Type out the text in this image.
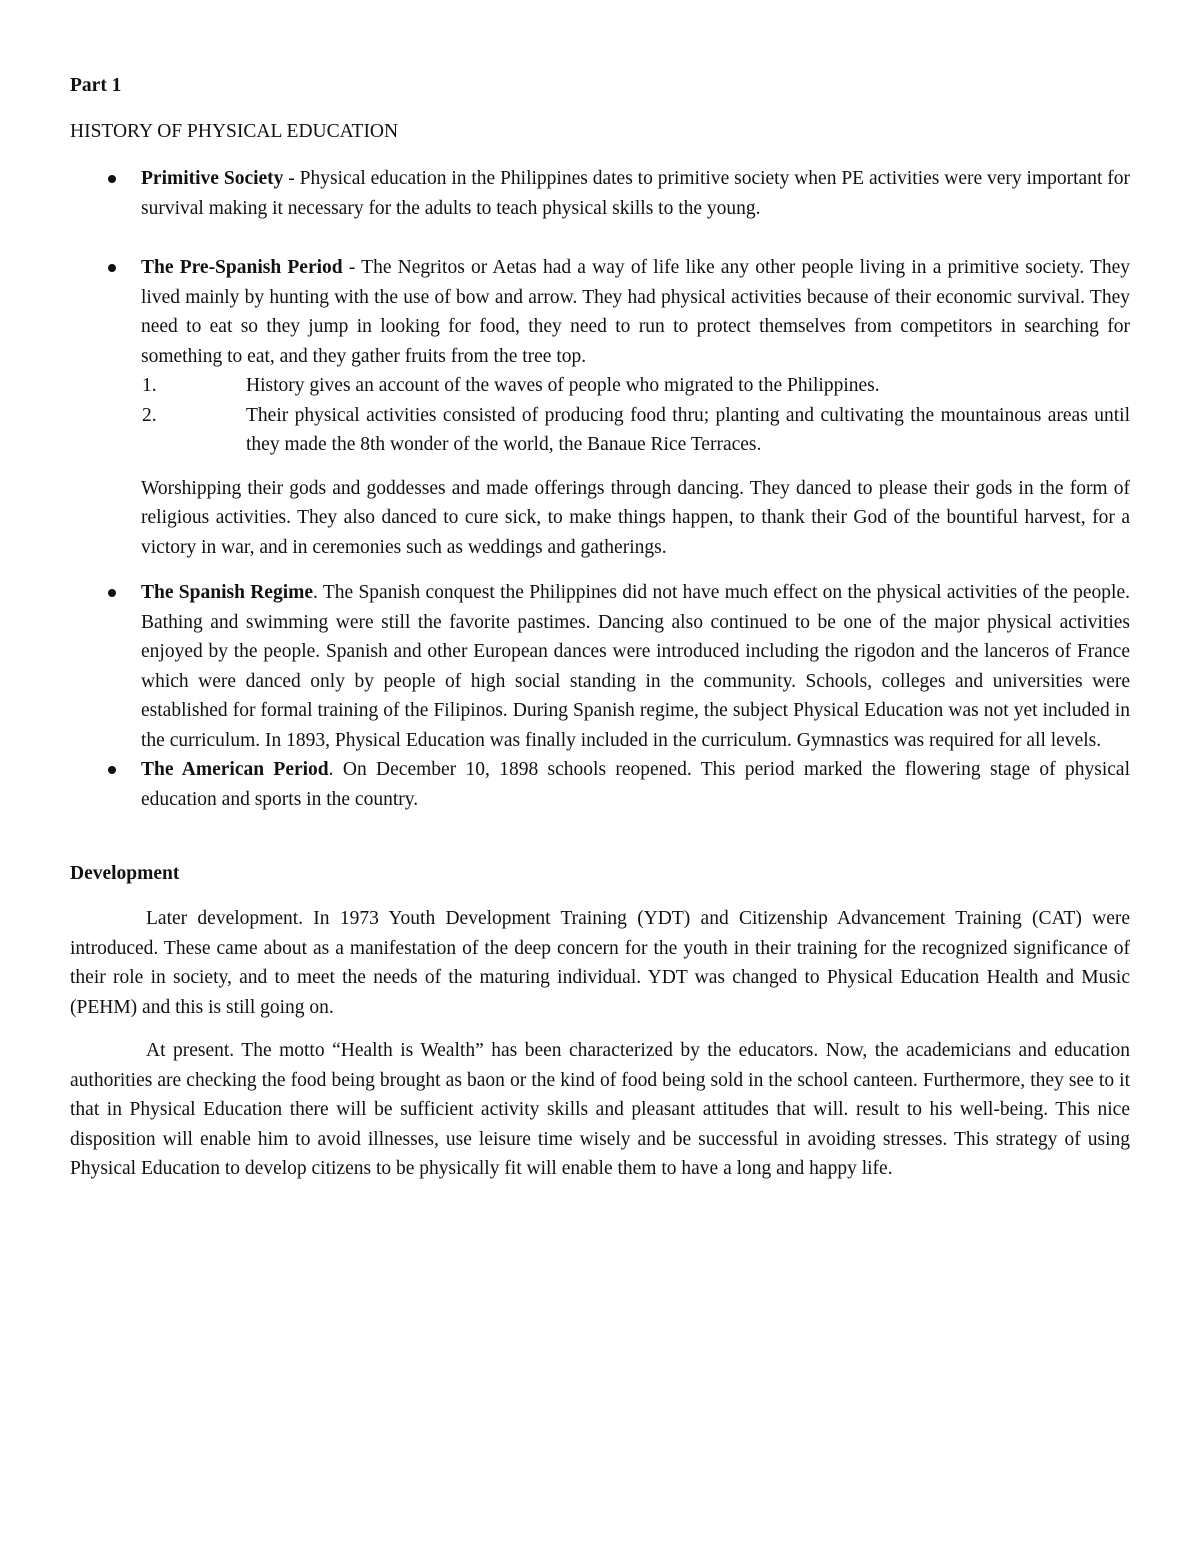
Part 1

HISTORY OF PHYSICAL EDUCATION
Primitive Society - Physical education in the Philippines dates to primitive society when PE activities were very important for survival making it necessary for the adults to teach physical skills to the young.
The Pre-Spanish Period - The Negritos or Aetas had a way of life like any other people living in a primitive society. They lived mainly by hunting with the use of bow and arrow. They had physical activities because of their economic survival. They need to eat so they jump in looking for food, they need to run to protect themselves from competitors in searching for something to eat, and they gather fruits from the tree top.
1.	History gives an account of the waves of people who migrated to the Philippines.
2.	Their physical activities consisted of producing food thru; planting and cultivating the mountainous areas until they made the 8th wonder of the world, the Banaue Rice Terraces.

Worshipping their gods and goddesses and made offerings through dancing. They danced to please their gods in the form of religious activities. They also danced to cure sick, to make things happen, to thank their God of the bountiful harvest, for a victory in war, and in ceremonies such as weddings and gatherings.

The Spanish Regime. The Spanish conquest the Philippines did not have much effect on the physical activities of the people. Bathing and swimming were still the favorite pastimes. Dancing also continued to be one of the major physical activities enjoyed by the people. Spanish and other European dances were introduced including the rigodon and the lanceros of France which were danced only by people of high social standing in the community. Schools, colleges and universities were established for formal training of the Filipinos. During Spanish regime, the subject Physical Education was not yet included in the curriculum. In 1893, Physical Education was finally included in the curriculum. Gymnastics was required for all levels.
The American Period. On December 10, 1898 schools reopened. This period marked the flowering stage of physical education and sports in the country.
Development

Later development. In 1973 Youth Development Training (YDT) and Citizenship Advancement Training (CAT) were introduced. These came about as a manifestation of the deep concern for the youth in their training for the recognized significance of their role in society, and to meet the needs of the maturing individual. YDT was changed to Physical Education Health and Music (PEHM) and this is still going on.

At present. The motto “Health is Wealth” has been characterized by the educators. Now, the academicians and education authorities are checking the food being brought as baon or the kind of food being sold in the school canteen. Furthermore, they see to it that in Physical Education there will be sufficient activity skills and pleasant attitudes that will. result to his well-being. This nice disposition will enable him to avoid illnesses, use leisure time wisely and be successful in avoiding stresses. This strategy of using Physical Education to develop citizens to be physically fit will enable them to have a long and happy life.
